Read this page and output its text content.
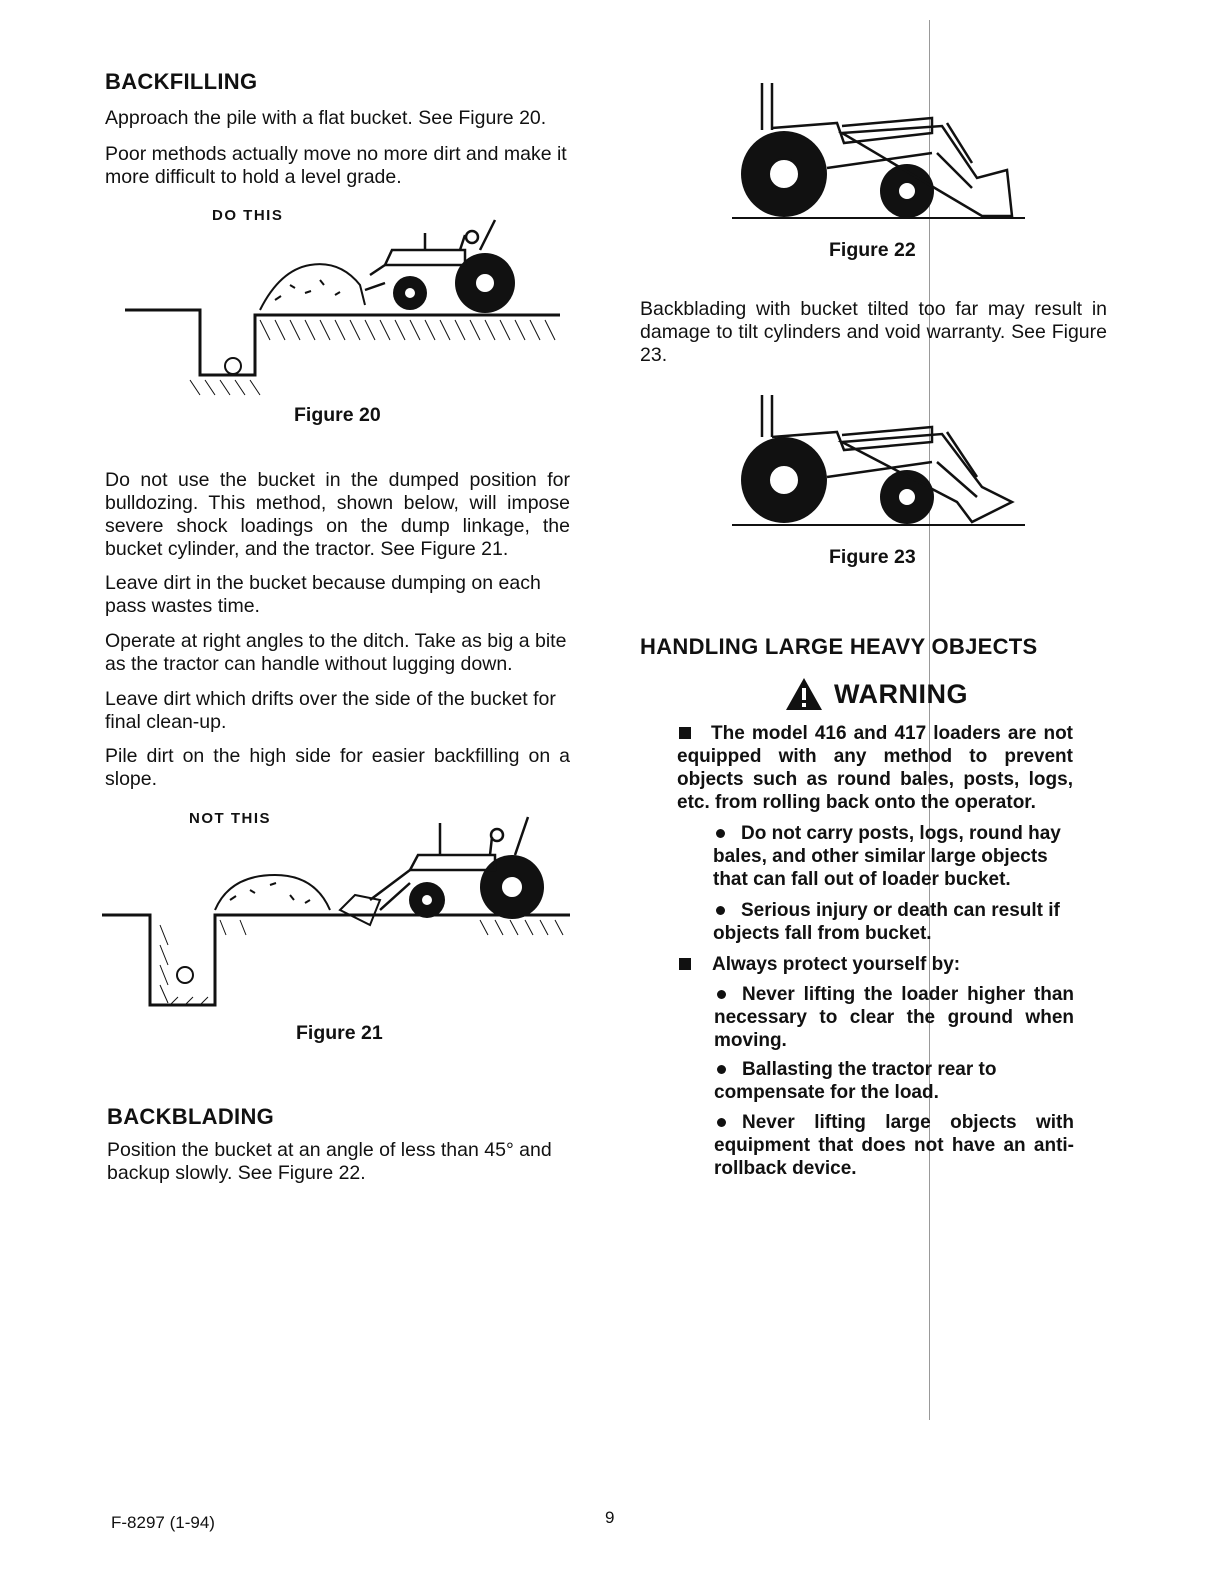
BACKFILLING

Approach the pile with a flat bucket. See Figure 20.

Poor methods actually move no more dirt and make it more difficult to hold a level grade.

DO THIS
Figure 20

Do not use the bucket in the dumped position for bulldozing. This method, shown below, will impose severe shock loadings on the dump linkage, the bucket cylinder, and the tractor. See Figure 21.

Leave dirt in the bucket because dumping on each pass wastes time.

Operate at right angles to the ditch. Take as big a bite as the tractor can handle without lugging down.

Leave dirt which drifts over the side of the bucket for final clean-up.

Pile dirt on the high side for easier backfilling on a slope.

NOT THIS
Figure 21
BACKBLADING

Position the bucket at an angle of less than 45° and backup slowly. See Figure 22.

Figure 22

Backblading with bucket tilted too far may result in damage to tilt cylinders and void warranty. See Figure 23.

Figure 23
HANDLING LARGE HEAVY OBJECTS
WARNING

The model 416 and 417 loaders are not equipped with any method to prevent objects such as round bales, posts, logs, etc. from rolling back onto the operator.

Do not carry posts, logs, round hay bales, and other similar large objects that can fall out of loader bucket.

Serious injury or death can result if objects fall from bucket.

Always protect yourself by:

Never lifting the loader higher than necessary to clear the ground when moving.

Ballasting the tractor rear to compensate for the load.

Never lifting large objects with equipment that does not have an anti-rollback device.

F-8297 (1-94)	9
